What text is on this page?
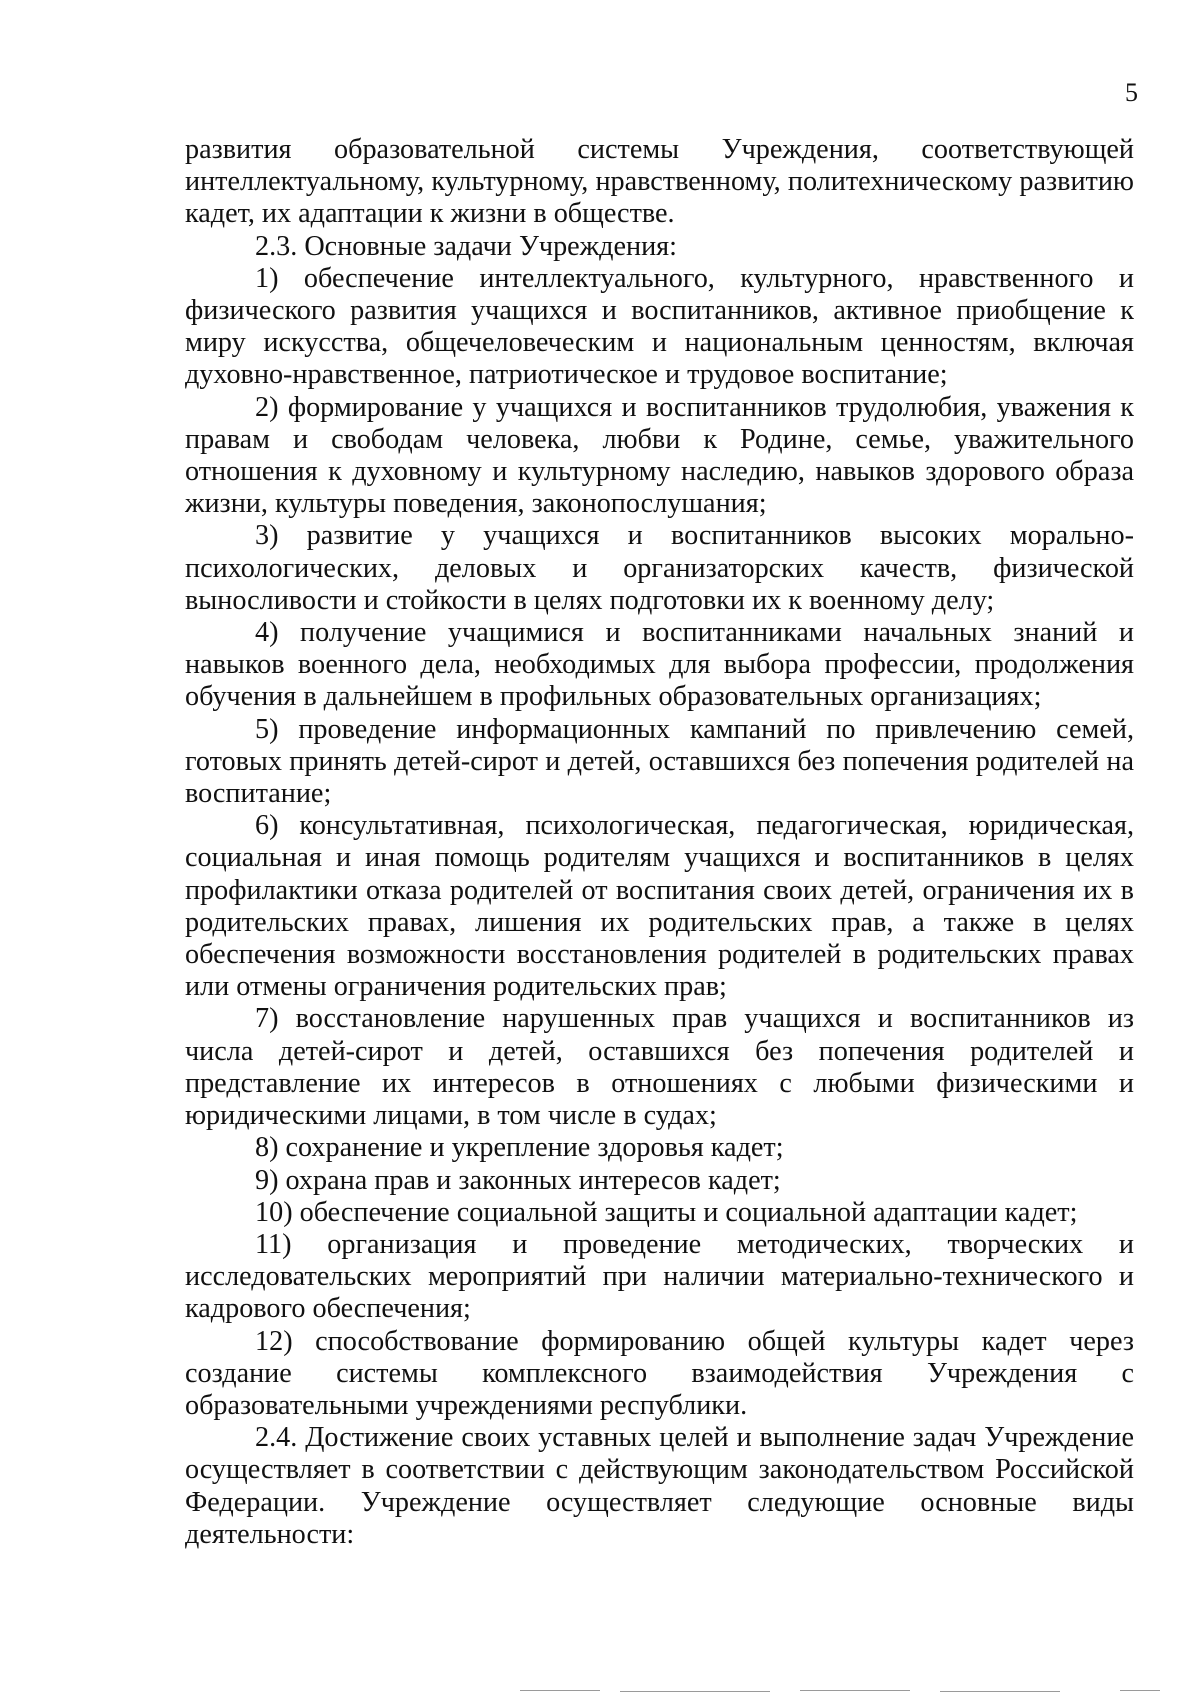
5

развития образовательной системы Учреждения, соответствующей интеллектуальному, культурному, нравственному, политехническому развитию кадет, их адаптации к жизни в обществе.

2.3. Основные задачи Учреждения:

1) обеспечение интеллектуального, культурного, нравственного и физического развития учащихся и воспитанников, активное приобщение к миру искусства, общечеловеческим и национальным ценностям, включая духовно-нравственное, патриотическое и трудовое воспитание;

2) формирование у учащихся и воспитанников трудолюбия, уважения к правам и свободам человека, любви к Родине, семье, уважительного отношения к духовному и культурному наследию, навыков здорового образа жизни, культуры поведения, законопослушания;

3) развитие у учащихся и воспитанников высоких морально-психологических, деловых и организаторских качеств, физической выносливости и стойкости в целях подготовки их к военному делу;

4) получение учащимися и воспитанниками начальных знаний и навыков военного дела, необходимых для выбора профессии, продолжения обучения в дальнейшем в профильных образовательных организациях;

5) проведение информационных кампаний по привлечению семей, готовых принять детей-сирот и детей, оставшихся без попечения родителей на воспитание;

6) консультативная, психологическая, педагогическая, юридическая, социальная и иная помощь родителям учащихся и воспитанников в целях профилактики отказа родителей от воспитания своих детей, ограничения их в родительских правах, лишения их родительских прав, а также в целях обеспечения возможности восстановления родителей в родительских правах или отмены ограничения родительских прав;

7) восстановление нарушенных прав учащихся и воспитанников из числа детей-сирот и детей, оставшихся без попечения родителей и представление их интересов в отношениях с любыми физическими и юридическими лицами, в том числе в судах;

8) сохранение и укрепление здоровья кадет;

9) охрана прав и законных интересов кадет;

10) обеспечение социальной защиты и социальной адаптации кадет;

11) организация и проведение методических, творческих и исследовательских мероприятий при наличии материально-технического и кадрового обеспечения;

12) способствование формированию общей культуры кадет через создание системы комплексного взаимодействия Учреждения с образовательными учреждениями республики.

2.4. Достижение своих уставных целей и выполнение задач Учреждение осуществляет в соответствии с действующим законодательством Российской Федерации. Учреждение осуществляет следующие основные виды деятельности:
